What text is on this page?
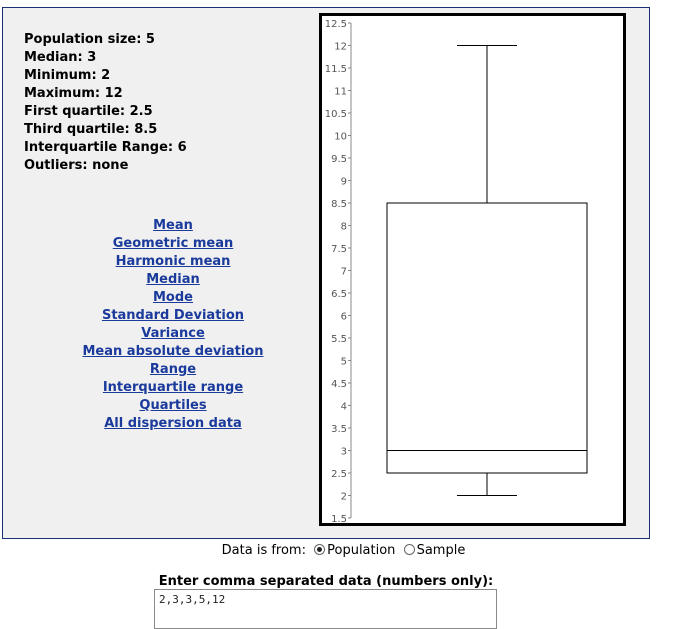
Population size: 5
Median: 3
Minimum: 2
Maximum: 12
First quartile: 2.5
Third quartile: 8.5
Interquartile Range: 6
Outliers: none
Mean
Geometric mean
Harmonic mean
Median
Mode
Standard Deviation
Variance
Mean absolute deviation
Range
Interquartile range
Quartiles
All dispersion data
1.5
2
2.5
3
3.5
4
4.5
5
5.5
6
6.5
7
7.5
8
8.5
9
9.5
10
10.5
11
11.5
12
12.5
Data is from: Population Sample
Enter comma separated data (numbers only):
2,3,3,5,12
